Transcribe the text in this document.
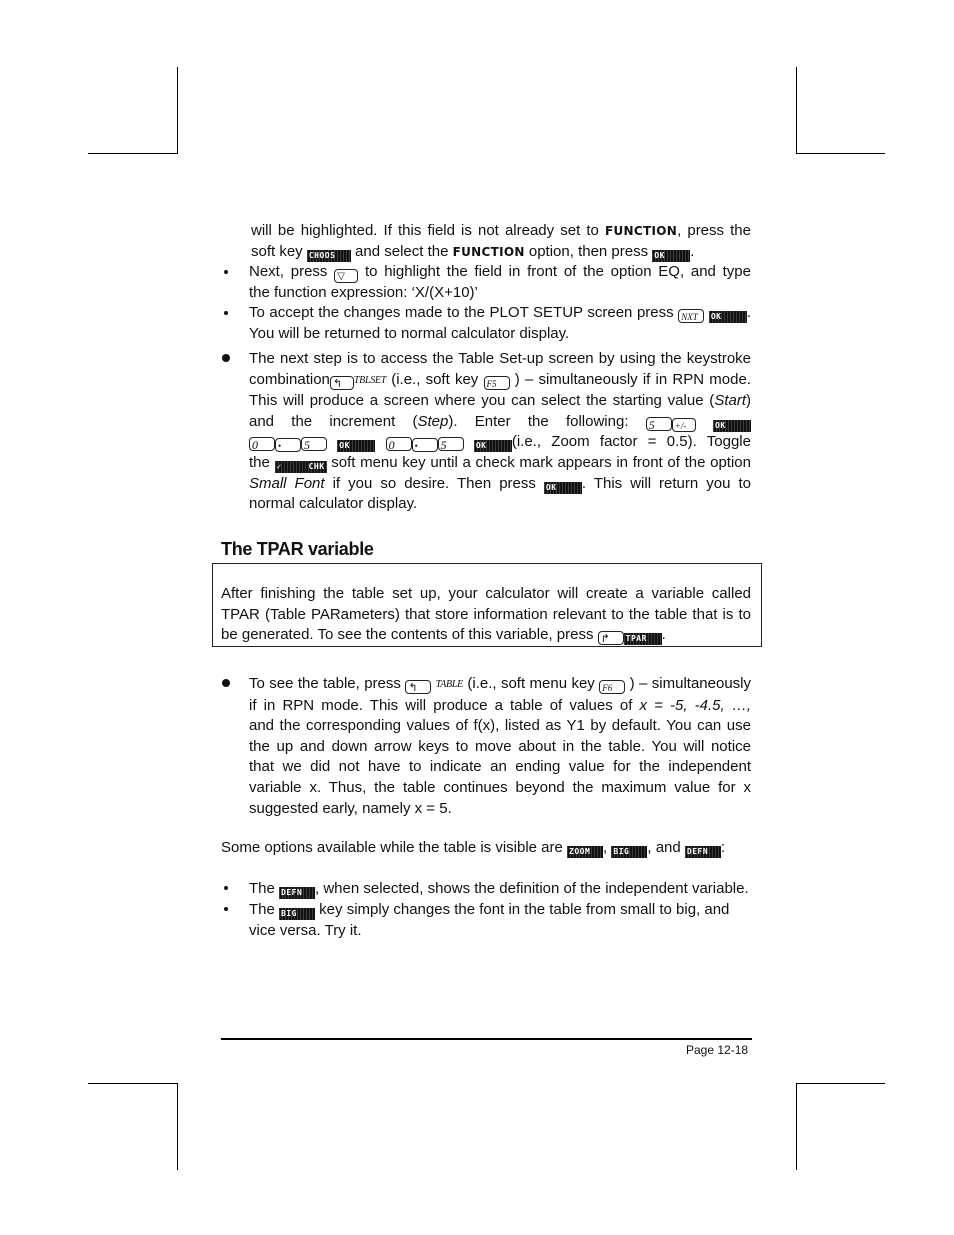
will be highlighted. If this field is not already set to FUNCTION, press the
soft key CHOOS and select the FUNCTION option, then press OK .
Next, press ▽ to highlight the field in front of the option EQ, and type
the function expression: ‘X/(X+10)’
To accept the changes made to the PLOT SETUP screen press NXT OK .
You will be returned to normal calculator display.
The next step is to access the Table Set-up screen by using the keystroke
combination ↰ TBLSET (i.e., soft key F5 ) – simultaneously if in RPN mode.
This will produce a screen where you can select the starting value (Start)
and the increment (Step). Enter the following: 5 +/-	OK
0 • 5	OK	0 • 5	OK (i.e., Zoom factor = 0.5). Toggle
the ✓CHK soft menu key until a check mark appears in front of the option
Small Font if you so desire. Then press OK . This will return you to
normal calculator display.
The TPAR variable
After finishing the table set up, your calculator will create a variable called
TPAR (Table PARameters) that store information relevant to the table that is to
be generated. To see the contents of this variable, press ↱ TPAR .
To see the table, press ↰ TABLE (i.e., soft menu key F6 ) – simultaneously
if in RPN mode. This will produce a table of values of x = -5, -4.5, …,
and the corresponding values of f(x), listed as Y1 by default. You can use
the up and down arrow keys to move about in the table. You will notice
that we did not have to indicate an ending value for the independent
variable x. Thus, the table continues beyond the maximum value for x
suggested early, namely x = 5.
Some options available while the table is visible are ZOOM , BIG , and DEFN :
The DEFN , when selected, shows the definition of the independent variable.
The BIG key simply changes the font in the table from small to big, and
vice versa. Try it.
Page 12-18
